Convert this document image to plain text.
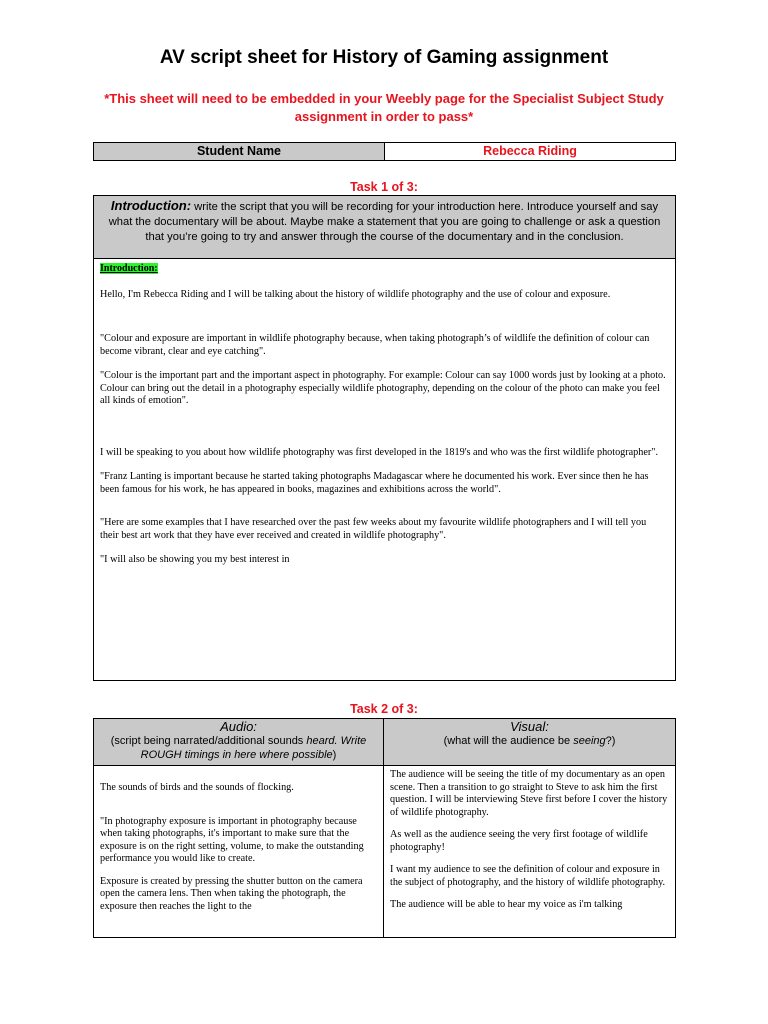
AV script sheet for History of Gaming assignment
*This sheet will need to be embedded in your Weebly page for the Specialist Subject Study assignment in order to pass*
Student Name	Rebecca Riding
Task 1 of 3:
Introduction: write the script that you will be recording for your introduction here. Introduce yourself and say what the documentary will be about. Maybe make a statement that you are going to challenge or ask a question that you’re going to try and answer through the course of the documentary and in the conclusion.

Introduction:

Hello, I'm Rebecca Riding and I will be talking about the history of wildlife photography and the use of colour and exposure.

"Colour and exposure are important in wildlife photography because, when taking photograph’s of wildlife the definition of colour can become vibrant, clear and eye catching".

"Colour is the important part and the important aspect in photography. For example: Colour can say 1000 words just by looking at a photo. Colour can bring out the detail in a photography especially wildlife photography, depending on the colour of the photo can make you feel all kinds of emotion".

I will be speaking to you about how wildlife photography was first developed in the 1819's and who was the first wildlife photographer".

"Franz Lanting is important because he started taking photographs Madagascar where he documented his work. Ever since then he has been famous for his work, he has appeared in books, magazines and exhibitions across the world".

"Here are some examples that I have researched over the past few weeks about my favourite wildlife photographers and I will tell you their best art work that they have ever received and created in wildlife photography".

"I will also be showing you my best interest in

Task 2 of 3:
Audio:
(script being narrated/additional sounds heard. Write ROUGH timings in here where possible)
Visual:
(what will the audience be seeing?)

The sounds of birds and the sounds of flocking.

"In photography exposure is important in photography because when taking photographs, it's important to make sure that the exposure is on the right setting, volume, to make the outstanding performance you would like to create.

Exposure is created by pressing the shutter button on the camera open the camera lens. Then when taking the photograph, the exposure then reaches the light to the

The audience will be seeing the title of my documentary as an open scene. Then a transition to go straight to Steve to ask him the first question. I will be interviewing Steve first before I cover the history of wildlife photography.

As well as the audience seeing the very first footage of wildlife photography!

I want my audience to see the definition of colour and exposure in the subject of photography, and the history of wildlife photography.

The audience will be able to hear my voice as i'm talking
